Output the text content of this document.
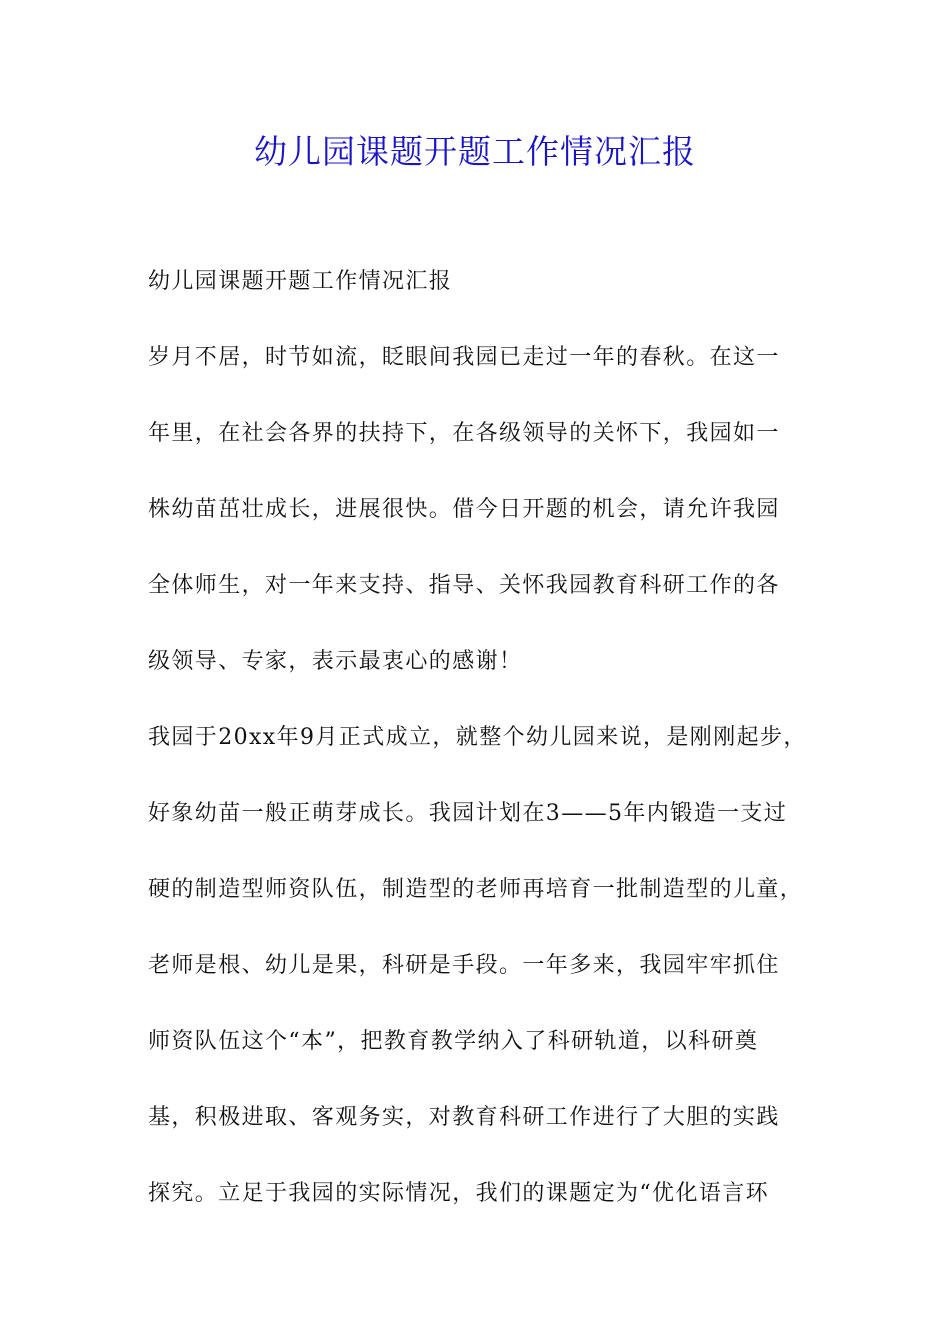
幼儿园课题开题工作情况汇报
幼儿园课题开题工作情况汇报
岁月不居，时节如流，眨眼间我园已走过一年的春秋。在这一
年里，在社会各界的扶持下，在各级领导的关怀下，我园如一
株幼苗茁壮成长，进展很快。借今日开题的机会，请允许我园
全体师生，对一年来支持、指导、关怀我园教育科研工作的各
级领导、专家，表示最衷心的感谢！
我园于20xx年9月正式成立，就整个幼儿园来说，是刚刚起步，
好象幼苗一般正萌芽成长。我园计划在3——5年内锻造一支过
硬的制造型师资队伍，制造型的老师再培育一批制造型的儿童，
老师是根、幼儿是果，科研是手段。一年多来，我园牢牢抓住
师资队伍这个“本”，把教育教学纳入了科研轨道，以科研奠
基，积极进取、客观务实，对教育科研工作进行了大胆的实践
探究。立足于我园的实际情况，我们的课题定为“优化语言环
